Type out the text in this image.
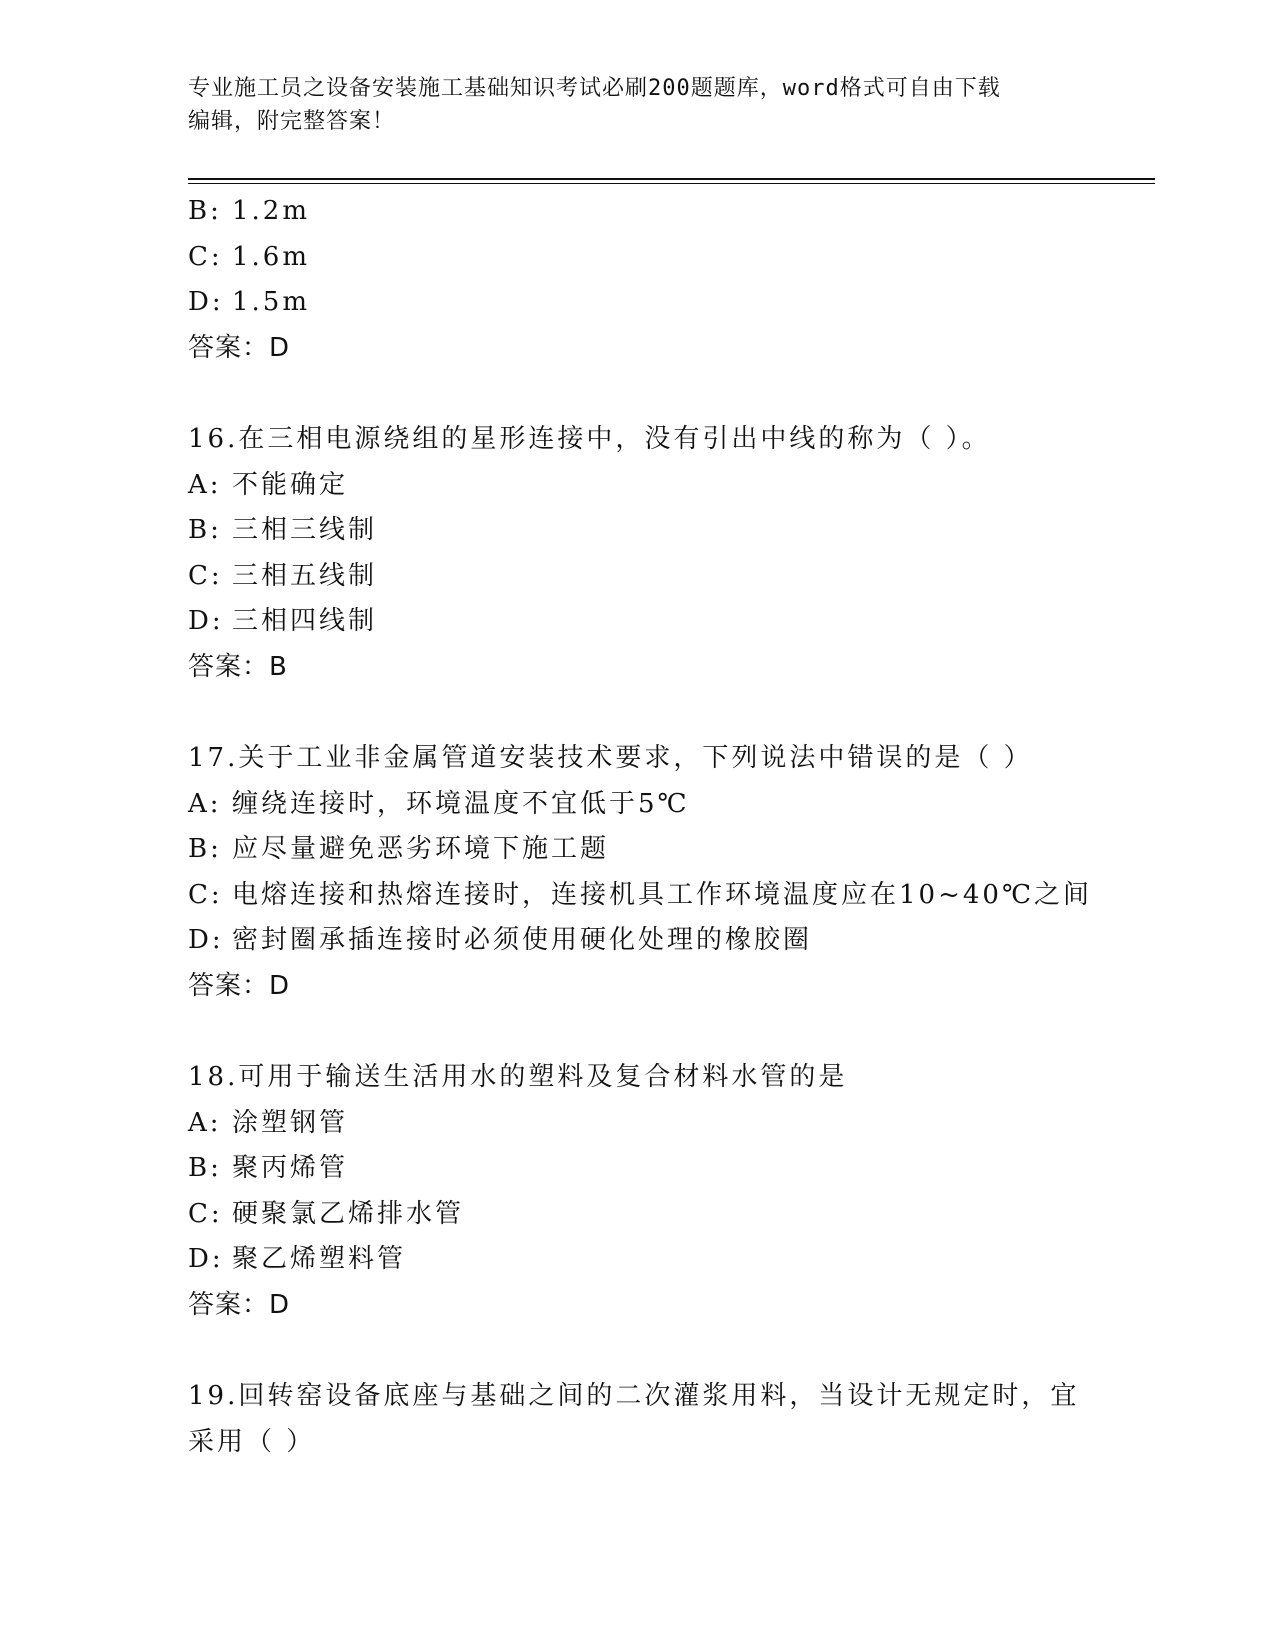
专业施工员之设备安装施工基础知识考试必刷200题题库，word格式可自由下载
编辑，附完整答案！
B: 1.2m
C: 1.6m
D: 1.5m
答案：D
16.在三相电源绕组的星形连接中，没有引出中线的称为（ ）。
A: 不能确定
B: 三相三线制
C: 三相五线制
D: 三相四线制
答案：B
17.关于工业非金属管道安装技术要求，下列说法中错误的是（ ）
A: 缠绕连接时，环境温度不宜低于5℃
B: 应尽量避免恶劣环境下施工题
C: 电熔连接和热熔连接时，连接机具工作环境温度应在10~40℃之间
D: 密封圈承插连接时必须使用硬化处理的橡胶圈
答案：D
18.可用于输送生活用水的塑料及复合材料水管的是
A: 涂塑钢管
B: 聚丙烯管
C: 硬聚氯乙烯排水管
D: 聚乙烯塑料管
答案：D
19.回转窑设备底座与基础之间的二次灌浆用料，当设计无规定时，宜
采用（ ）
